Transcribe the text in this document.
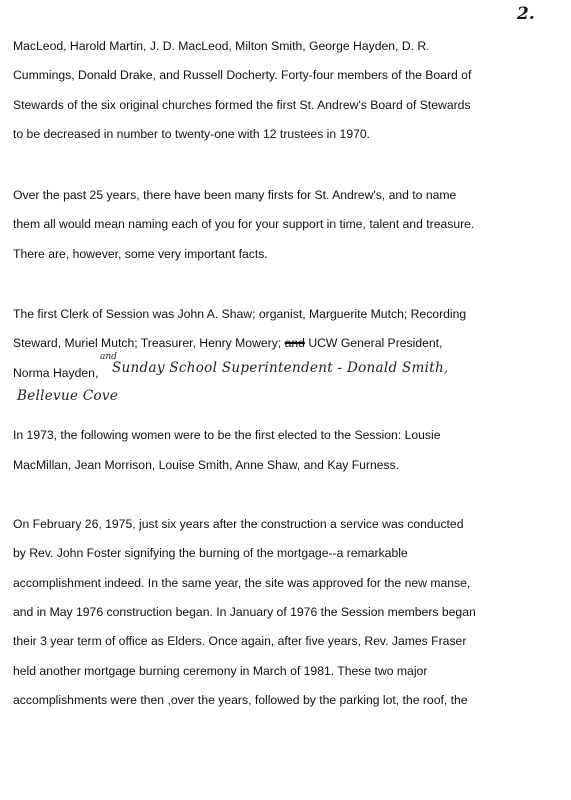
2.
MacLeod, Harold Martin, J. D. MacLeod, Milton Smith, George Hayden, D. R.
Cummings, Donald Drake, and Russell Docherty. Forty-four members of the Board of
Stewards of the six original churches formed the first St. Andrew's Board of Stewards
to be decreased in number to twenty-one with 12 trustees in 1970.
Over the past 25 years, there have been many firsts for St. Andrew's, and to name
them all would mean naming each of you for your support in time, talent and treasure.
There are, however, some very important facts.
The first Clerk of Session was John A. Shaw; organist, Marguerite Mutch; Recording
Steward, Muriel Mutch; Treasurer, Henry Mowery; and UCW General President,
Norma Hayden,
and
Sunday School Superintendent - Donald Smith,
Bellevue Cove
In 1973, the following women were to be the first elected to the Session: Lousie
MacMillan, Jean Morrison, Louise Smith, Anne Shaw, and Kay Furness.
On February 26, 1975, just six years after the construction a service was conducted
by Rev. John Foster signifying the burning of the mortgage--a remarkable
accomplishment indeed. In the same year, the site was approved for the new manse,
and in May 1976 construction began. In January of 1976 the Session members began
their 3 year term of office as Elders. Once again, after five years, Rev. James Fraser
held another mortgage burning ceremony in March of 1981. These two major
accomplishments were then ,over the years, followed by the parking lot, the roof, the
